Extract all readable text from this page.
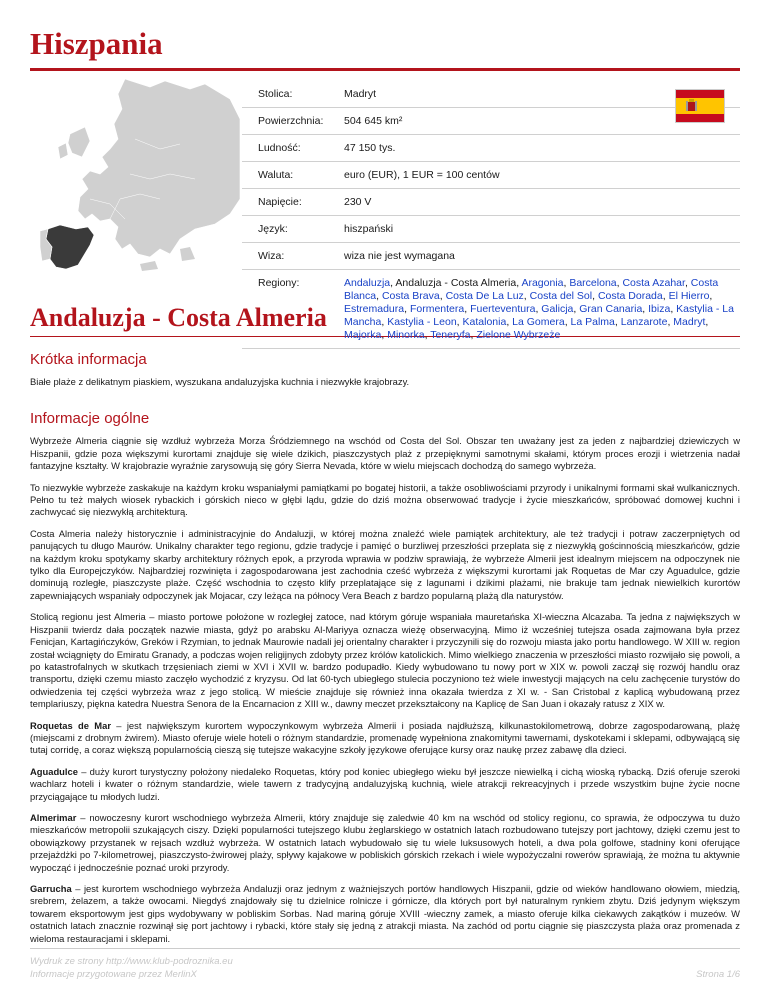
Hiszpania
Stolica:	Madryt
Powierzchnia:	504 645 km²
Ludność:	47 150 tys.
Waluta:	euro (EUR), 1 EUR = 100 centów
Napięcie:	230 V
Język:	hiszpański
Wiza:	wiza nie jest wymagana
Regiony:	Andaluzja, Andaluzja - Costa Almeria, Aragonia, Barcelona, Costa Azahar, Costa Blanca, Costa Brava, Costa De La Luz, Costa del Sol, Costa Dorada, El Hierro, Estremadura, Formentera, Fuerteventura, Galicja, Gran Canaria, Ibiza, Kastylia - La Mancha, Kastylia - Leon, Katalonia, La Gomera, La Palma, Lanzarote, Madryt, Majorka, Minorka, Teneryfa, Zielone Wybrzeże
Andaluzja - Costa Almeria
Krótka informacja

Białe plaże z delikatnym piaskiem, wyszukana andaluzyjska kuchnia i niezwykłe krajobrazy.

Informacje ogólne

Wybrzeże Almeria ciągnie się wzdłuż wybrzeża Morza Śródziemnego na wschód od Costa del Sol. Obszar ten uważany jest za jeden z najbardziej dziewiczych w Hiszpanii, gdzie poza większymi kurortami znajduje się wiele dzikich, piaszczystych plaż z przepięknymi samotnymi skałami, którym proces erozji i wietrzenia nadał fantazyjne kształty. W krajobrazie wyraźnie zarysowują się góry Sierra Nevada, które w wielu miejscach dochodzą do samego wybrzeża.

To niezwykłe wybrzeże zaskakuje na każdym kroku wspaniałymi pamiątkami po bogatej historii, a także osobliwościami przyrody i unikalnymi formami skał wulkanicznych. Pełno tu też małych wiosek rybackich i górskich nieco w głębi lądu, gdzie do dziś można obserwować tradycje i życie mieszkańców, spróbować domowej kuchni i zachwycać się niezwykłą architekturą.

Costa Almeria należy historycznie i administracyjnie do Andaluzji, w której można znaleźć wiele pamiątek architektury, ale też tradycji i potraw zaczerpniętych od panujących tu długo Maurów. Unikalny charakter tego regionu, gdzie tradycje i pamięć o burzliwej przeszłości przeplata się z niezwykłą gościnnością mieszkańców, gdzie na każdym kroku spotykamy skarby architektury różnych epok, a przyroda wprawia w podziw sprawiają, że wybrzeże Almerii jest idealnym miejscem na odpoczynek nie tylko dla Europejczyków. Najbardziej rozwinięta i zagospodarowana jest zachodnia cześć wybrzeża z większymi kurortami jak Roquetas de Mar czy Aguadulce, gdzie dominują rozległe, piaszczyste plaże. Część wschodnia to często klify przeplatające się z lagunami i dzikimi plażami, nie brakuje tam jednak niewielkich kurortów zapewniających wspaniały odpoczynek jak Mojacar, czy leżąca na północy Vera Beach z bardzo popularną plażą dla naturystów.

Stolicą regionu jest Almeria – miasto portowe położone w rozległej zatoce, nad którym góruje wspaniała mauretańska XI-wieczna Alcazaba. Ta jedna z największych w Hiszpanii twierdz dała początek nazwie miasta, gdyż po arabsku Al-Mariyya oznacza wieżę obserwacyjną. Mimo iż wcześniej tutejsza osada zajmowana była przez Fenicjan, Kartagińczyków, Greków i Rzymian, to jednak Maurowie nadali jej orientalny charakter i przyczynili się do rozwoju miasta jako portu handlowego. W XIII w. region został wciągnięty do Emiratu Granady, a podczas wojen religijnych zdobyty przez królów katolickich. Mimo wielkiego znaczenia w przeszłości miasto rozwijało się powoli, a po katastrofalnych w skutkach trzęsieniach ziemi w XVI i XVII w. bardzo podupadło. Kiedy wybudowano tu nowy port w XIX w. powoli zaczął się rozwój handlu oraz transportu, dzięki czemu miasto zaczęło wychodzić z kryzysu. Od lat 60-tych ubiegłego stulecia poczyniono też wiele inwestycji mających na celu zachęcenie turystów do odwiedzenia tej części wybrzeża wraz z jego stolicą. W mieście znajduje się również inna okazała twierdza z XI w. - San Cristobal z kaplicą wybudowaną przez templariuszy, piękna katedra Nuestra Senora de la Encarnacion z XIII w., dawny meczet przekształcony na Kaplicę de San Juan i okazały ratusz z XIX w.

Roquetas de Mar – jest największym kurortem wypoczynkowym wybrzeża Almerii i posiada najdłuższą, kilkunastokilometrową, dobrze zagospodarowaną, plażę (miejscami z drobnym żwirem). Miasto oferuje wiele hoteli o różnym standardzie, promenadę wypełniona znakomitymi tawernami, dyskotekami i sklepami, odbywającą się tutaj corridę, a coraz większą popularnością cieszą się tutejsze wakacyjne szkoły językowe oferujące kursy oraz naukę przez zabawę dla dzieci.

Aguadulce – duży kurort turystyczny położony niedaleko Roquetas, który pod koniec ubiegłego wieku był jeszcze niewielką i cichą wioską rybacką. Dziś oferuje szeroki wachlarz hoteli i kwater o różnym standardzie, wiele tawern z tradycyjną andaluzyjską kuchnią, wiele atrakcji rekreacyjnych i przede wszystkim bujne życie nocne przyciągające tu młodych ludzi.

Almerimar – nowoczesny kurort wschodniego wybrzeża Almerii, który znajduje się zaledwie 40 km na wschód od stolicy regionu, co sprawia, że odpoczywa tu dużo mieszkańców metropolii szukających ciszy. Dzięki popularności tutejszego klubu żeglarskiego w ostatnich latach rozbudowano tutejszy port jachtowy, dzięki czemu jest to obowiązkowy przystanek w rejsach wzdłuż wybrzeża. W ostatnich latach wybudowało się tu wiele luksusowych hoteli, a dwa pola golfowe, stadniny koni oferujące przejażdżki po 7-kilometrowej, piaszczysto-żwirowej plaży, spływy kajakowe w pobliskich górskich rzekach i wiele wypożyczalni rowerów sprawiają, że można tu aktywnie wypocząć i jednocześnie poznać uroki przyrody.

Garrucha – jest kurortem wschodniego wybrzeża Andaluzji oraz jednym z ważniejszych portów handlowych Hiszpanii, gdzie od wieków handlowano ołowiem, miedzią, srebrem, żelazem, a także owocami. Niegdyś znajdowały się tu dzielnice rolnicze i górnicze, dla których port był naturalnym rynkiem zbytu. Dziś jedynym większym towarem eksportowym jest gips wydobywany w pobliskim Sorbas. Nad mariną góruje XVIII -wieczny zamek, a miasto oferuje kilka ciekawych zakątków i muzeów. W ostatnich latach znacznie rozwinął się port jachtowy i rybacki, które stały się jedną z atrakcji miasta. Na zachód od portu ciągnie się piaszczysta plaża oraz promenada z wieloma restauracjami i sklepami.

Wydruk ze strony http://www.klub-podroznika.eu
Informacje przygotowane przez MerlinX	Strona 1/6
